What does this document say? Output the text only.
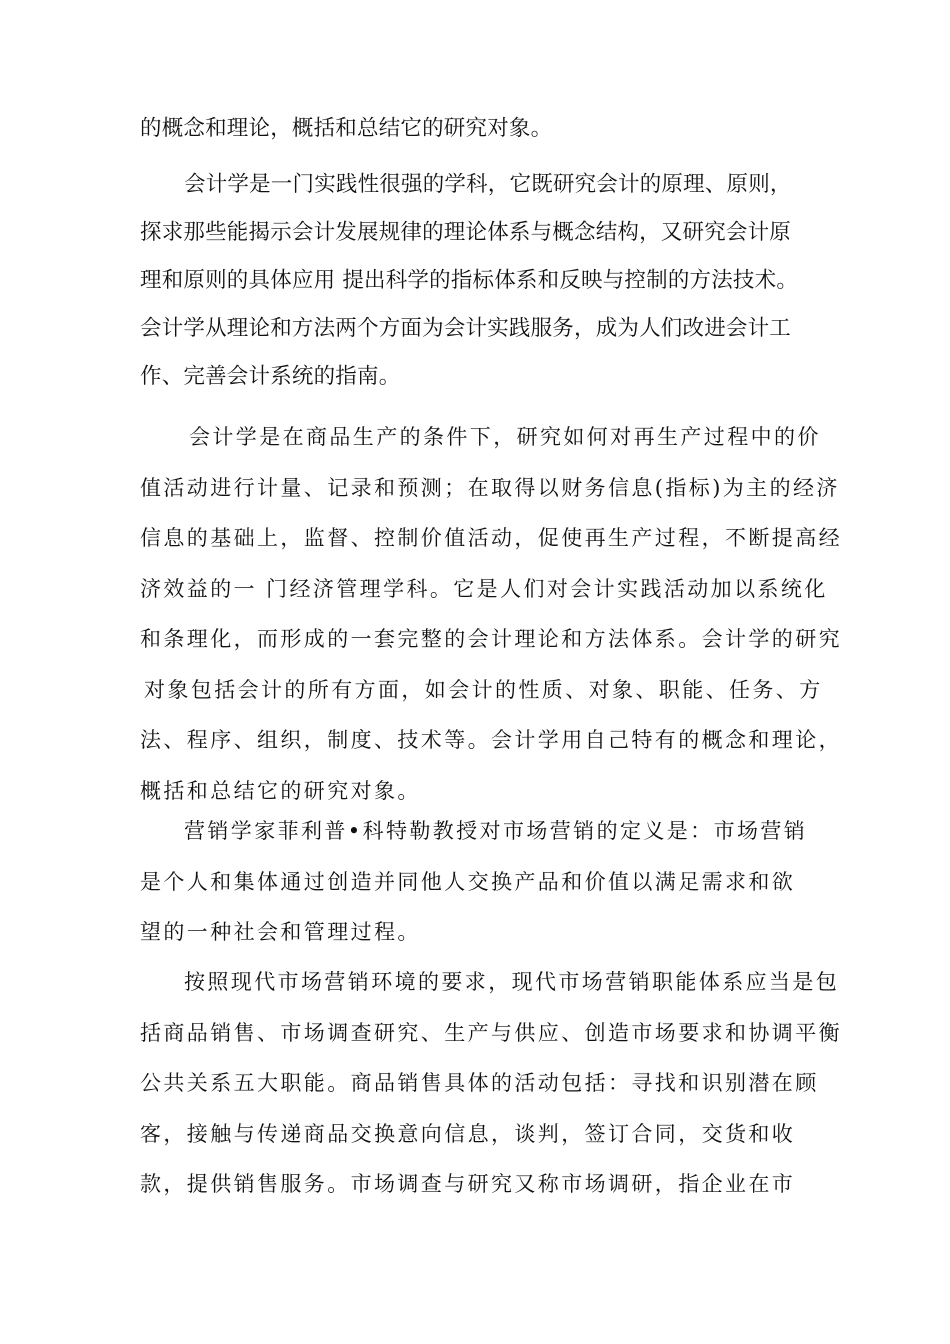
的概念和理论，概括和总结它的研究对象。
会计学是一门实践性很强的学科，它既研究会计的原理、原则，
探求那些能揭示会计发展规律的理论体系与概念结构，又研究会计原
理和原则的具体应用 提出科学的指标体系和反映与控制的方法技术。
会计学从理论和方法两个方面为会计实践服务，成为人们改进会计工
作、完善会计系统的指南。
会计学是在商品生产的条件下，研究如何对再生产过程中的价
值活动进行计量、记录和预测；在取得以财务信息(指标)为主的经济
信息的基础上，监督、控制价值活动，促使再生产过程，不断提高经
济效益的一 门经济管理学科。它是人们对会计实践活动加以系统化
和条理化，而形成的一套完整的会计理论和方法体系。会计学的研究
对象包括会计的所有方面，如会计的性质、对象、职能、任务、方
法、程序、组织，制度、技术等。会计学用自己特有的概念和理论，
概括和总结它的研究对象。
营销学家菲利普•科特勒教授对市场营销的定义是：市场营销
是个人和集体通过创造并同他人交换产品和价值以满足需求和欲
望的一种社会和管理过程。
按照现代市场营销环境的要求，现代市场营销职能体系应当是包
括商品销售、市场调查研究、生产与供应、创造市场要求和协调平衡
公共关系五大职能。商品销售具体的活动包括：寻找和识别潜在顾
客，接触与传递商品交换意向信息，谈判，签订合同，交货和收
款，提供销售服务。市场调查与研究又称市场调研，指企业在市
